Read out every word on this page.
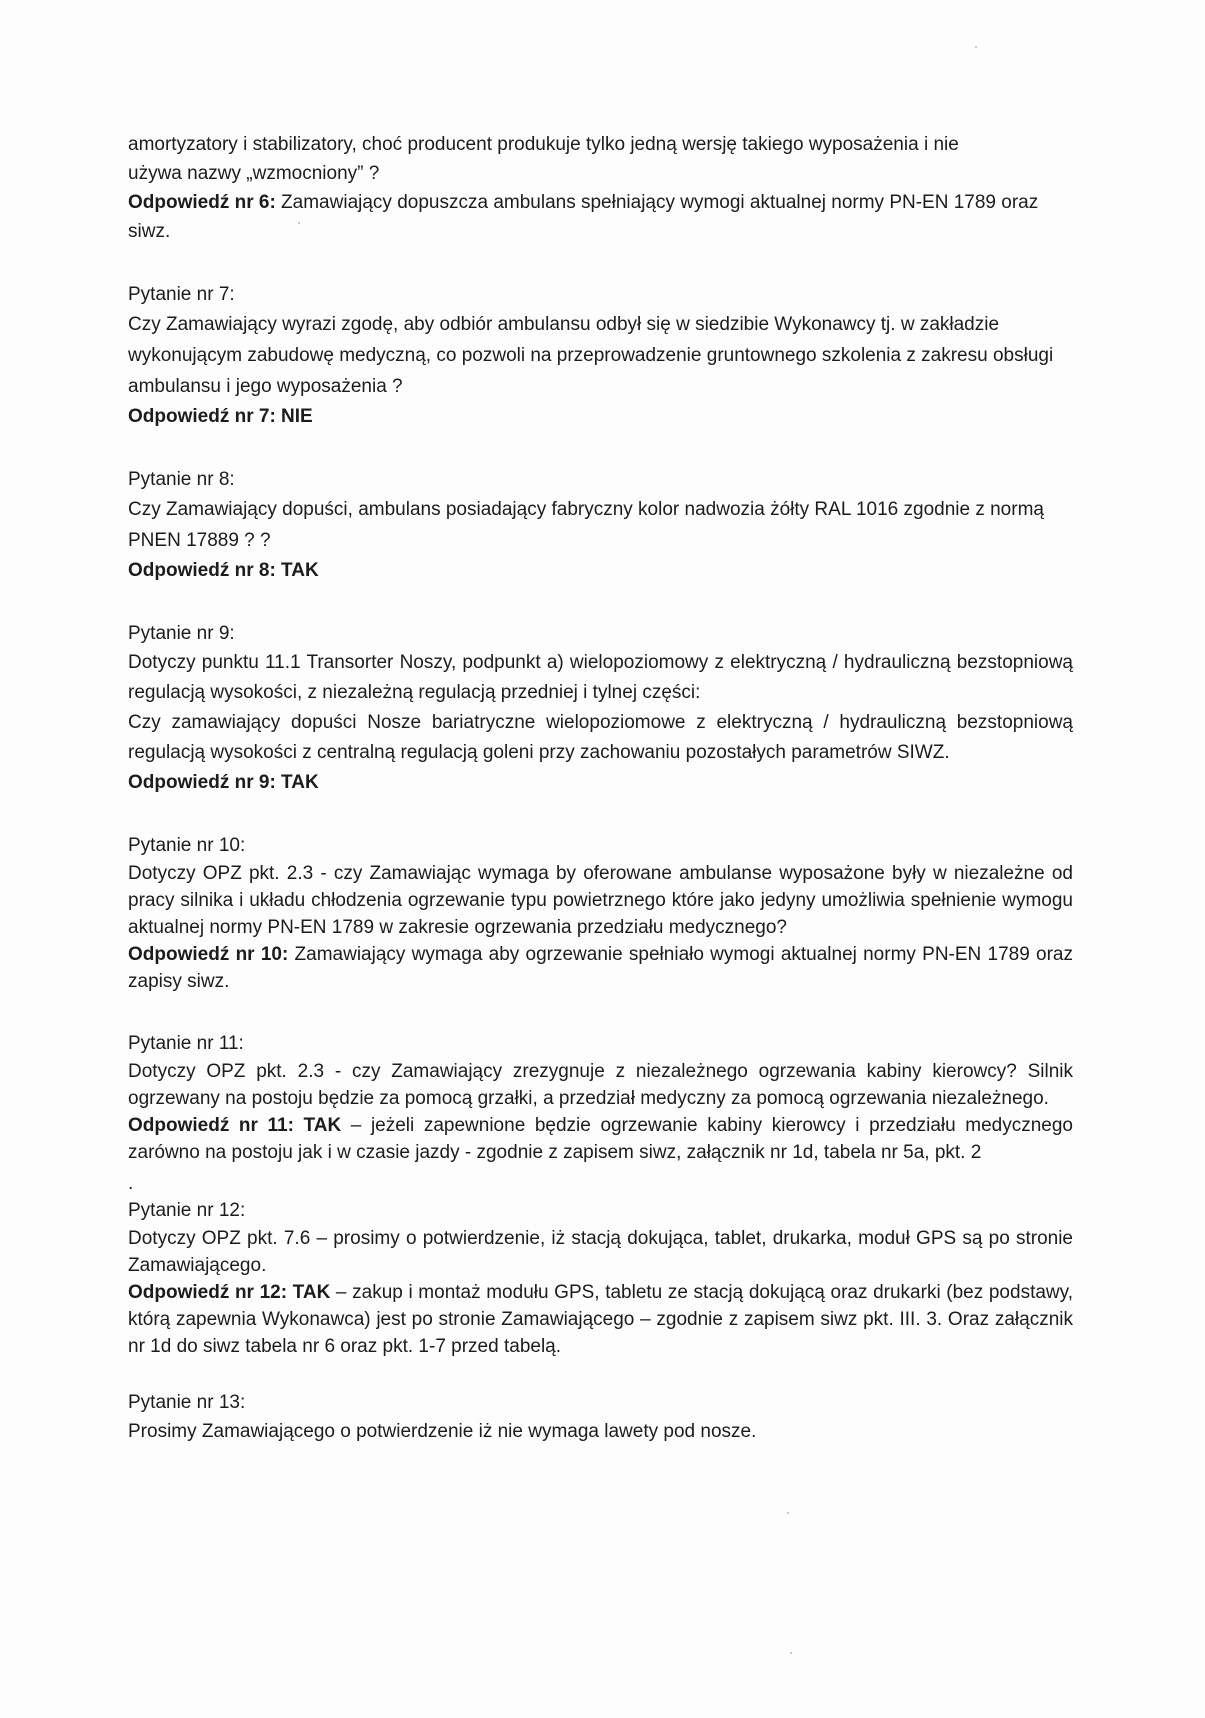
amortyzatory i stabilizatory, choć producent produkuje tylko jedną wersję takiego wyposażenia i nie

używa nazwy „wzmocniony” ?

Odpowiedź nr 6: Zamawiający dopuszcza ambulans spełniający wymogi aktualnej normy PN-EN 1789 oraz siwz.

Pytanie nr 7:

Czy Zamawiający wyrazi zgodę, aby odbiór ambulansu odbył się w siedzibie Wykonawcy tj. w zakładzie wykonującym zabudowę medyczną, co pozwoli na przeprowadzenie gruntownego szkolenia z zakresu obsługi ambulansu i jego wyposażenia ?

Odpowiedź nr 7: NIE

Pytanie nr 8:

Czy Zamawiający dopuści, ambulans posiadający fabryczny kolor nadwozia żółty RAL 1016 zgodnie z normą PNEN 17889 ? ?

Odpowiedź nr 8: TAK

Pytanie nr 9:

Dotyczy punktu 11.1 Transorter Noszy, podpunkt a) wielopoziomowy z elektryczną / hydrauliczną bezstopniową regulacją wysokości, z niezależną regulacją przedniej i tylnej części:

Czy zamawiający dopuści Nosze bariatryczne wielopoziomowe z elektryczną / hydrauliczną bezstopniową regulacją wysokości z centralną regulacją goleni przy zachowaniu pozostałych parametrów SIWZ.

Odpowiedź nr 9: TAK

Pytanie nr 10:

Dotyczy OPZ pkt. 2.3 - czy Zamawiając wymaga by oferowane ambulanse wyposażone były w niezależne od pracy silnika i układu chłodzenia ogrzewanie typu powietrznego które jako jedyny umożliwia spełnienie wymogu aktualnej normy PN-EN 1789 w zakresie ogrzewania przedziału medycznego?

Odpowiedź nr 10: Zamawiający wymaga aby ogrzewanie spełniało wymogi aktualnej normy PN-EN 1789 oraz zapisy siwz.

Pytanie nr 11:

Dotyczy OPZ pkt. 2.3 - czy Zamawiający zrezygnuje z niezależnego ogrzewania kabiny kierowcy? Silnik ogrzewany na postoju będzie za pomocą grzałki, a przedział medyczny za pomocą ogrzewania niezależnego.

Odpowiedź nr 11: TAK – jeżeli zapewnione będzie ogrzewanie kabiny kierowcy i przedziału medycznego zarówno na postoju jak i w czasie jazdy - zgodnie z zapisem siwz, załącznik nr 1d, tabela nr 5a, pkt. 2

.

Pytanie nr 12:

Dotyczy OPZ pkt. 7.6 – prosimy o potwierdzenie, iż stacją dokująca, tablet, drukarka, moduł GPS są po stronie Zamawiającego.

Odpowiedź nr 12: TAK – zakup i montaż modułu GPS, tabletu ze stacją dokującą oraz drukarki (bez podstawy, którą zapewnia Wykonawca) jest po stronie Zamawiającego – zgodnie z zapisem siwz pkt. III. 3. Oraz załącznik nr 1d do siwz tabela nr 6 oraz pkt. 1-7 przed tabelą.

Pytanie nr 13:

Prosimy Zamawiającego o potwierdzenie iż nie wymaga lawety pod nosze.
